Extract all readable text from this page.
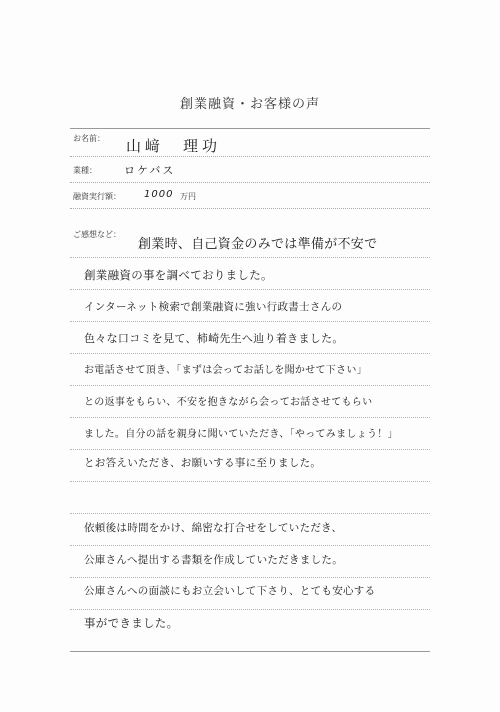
創業融資・お客様の声
お名前： 山﨑　理功
業種： ロケバス
融資実行額： 1000 万円
ご感想など：
創業時、自己資金のみでは準備が不安で
創業融資の事を調べておりました。
インターネット検索で創業融資に強い行政書士さんの
色々な口コミを見て、柿崎先生へ辿り着きました。
お電話させて頂き、「まずは会ってお話しを聞かせて下さい」
との返事をもらい、不安を抱きながら会ってお話させてもらい
ました。自分の話を親身に聞いていただき、「やってみましょう！」
とお答えいただき、お願いする事に至りました。
依頼後は時間をかけ、綿密な打合せをしていただき、
公庫さんへ提出する書類を作成していただきました。
公庫さんへの面談にもお立会いして下さり、とても安心する
事ができました。
